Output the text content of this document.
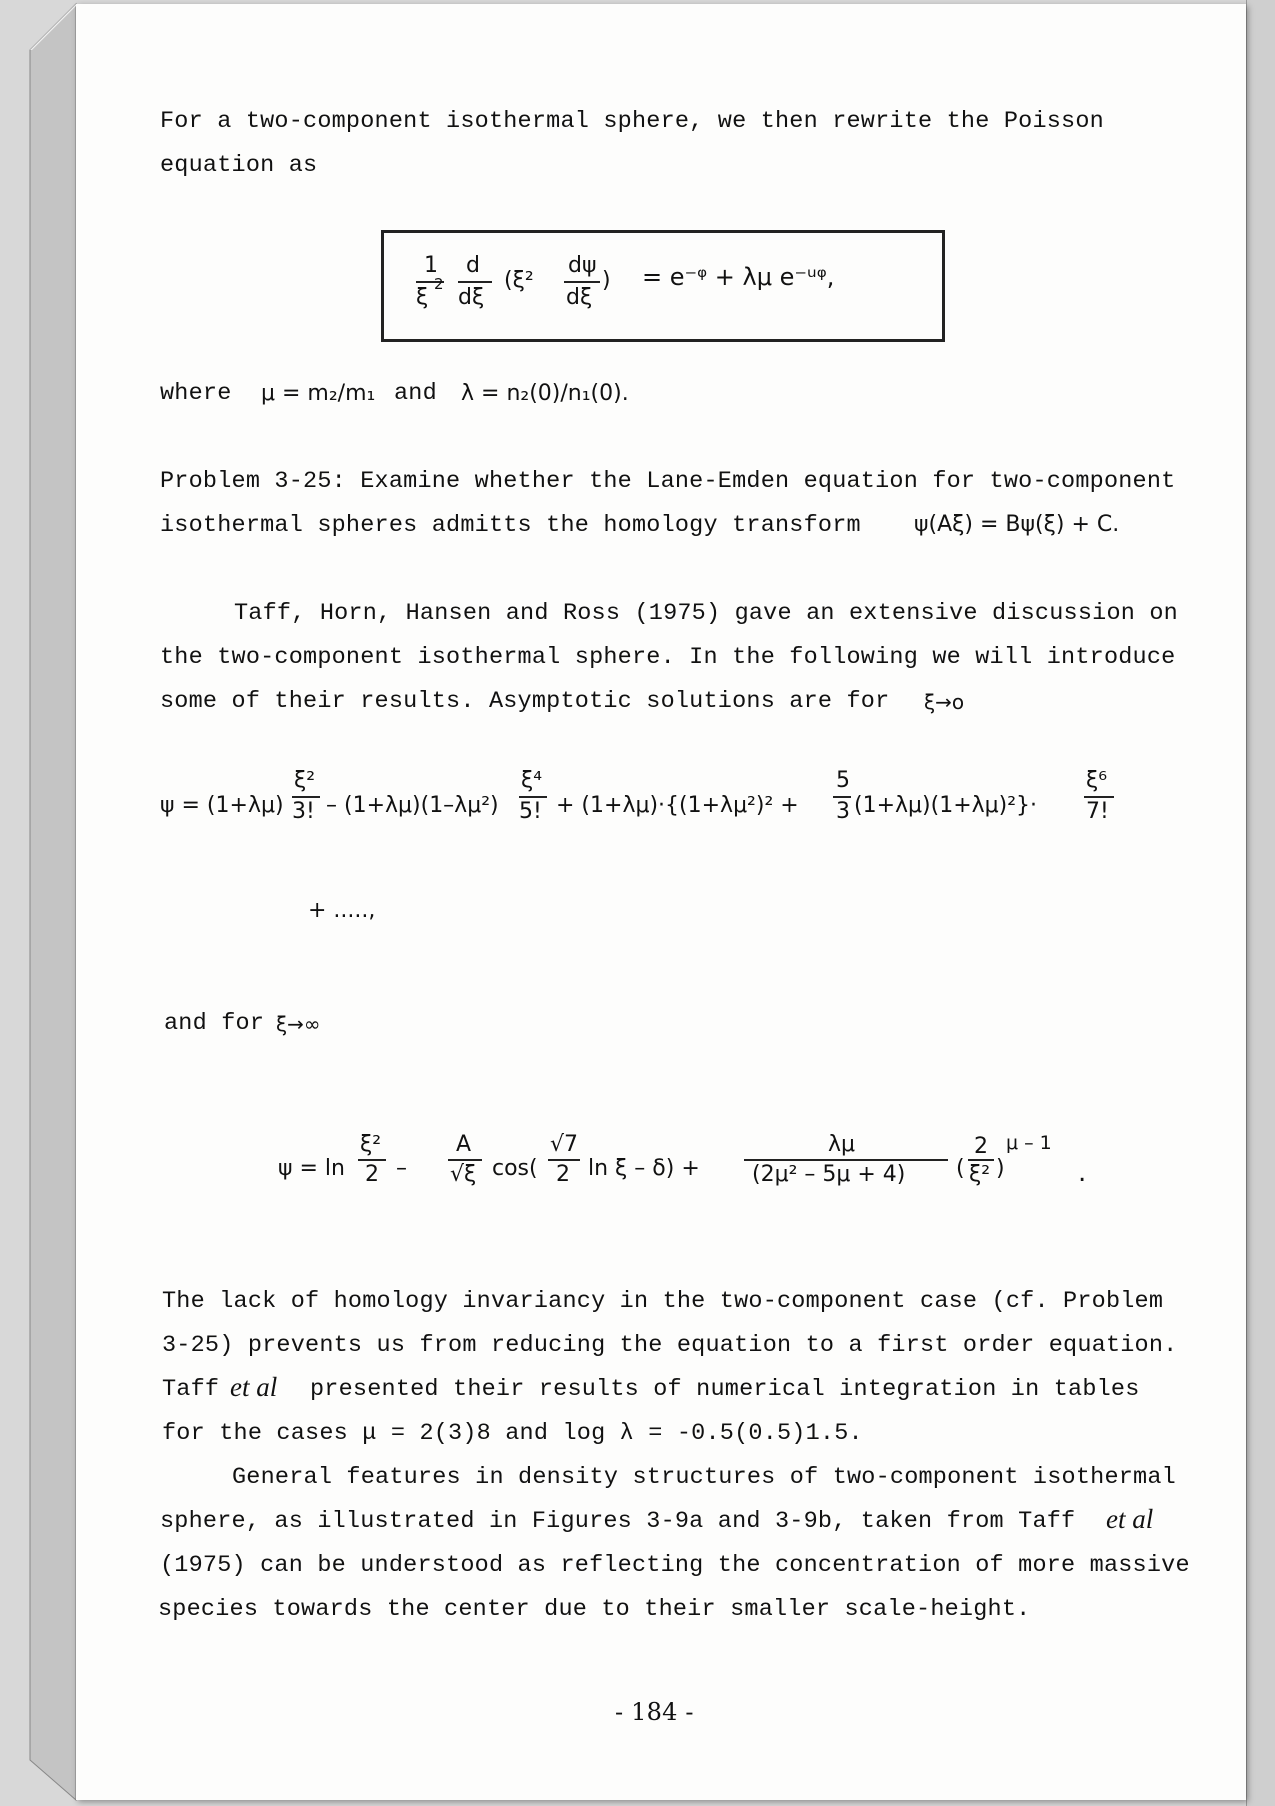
For a two-component isothermal sphere, we then rewrite the Poisson
equation as
1
ξ
2
d
dξ
(ξ²
dψ
dξ
) = e⁻ᵠ + λμ e⁻ᵘᵠ,
where μ = m₂/m₁ and λ = n₂(0)/n₁(0).
Problem 3-25: Examine whether the Lane-Emden equation for two-component
isothermal spheres admitts the homology transform ψ(Aξ) = Bψ(ξ) + C.
Taff, Horn, Hansen and Ross (1975) gave an extensive discussion on
the two-component isothermal sphere. In the following we will introduce
some of their results. Asymptotic solutions are for ξ→o
ψ = (1+λμ)
ξ²
3! – (1+λμ)(1–λμ²)
ξ⁴
5! + (1+λμ)·{(1+λμ²)² +
5
3 (1+λμ)(1+λμ)²}·
ξ⁶
7!
+ .....,
and for ξ→∞
ψ = ln
ξ²
2 –
A
√ξ cos(
√7
2 ln ξ – δ) +
λμ
(2μ² – 5μ + 4) (
2
ξ² )
μ – 1
.
The lack of homology invariancy in the two-component case (cf. Problem
3-25) prevents us from reducing the equation to a first order equation.
Taff et al presented their results of numerical integration in tables
for the cases μ = 2(3)8 and log λ = -0.5(0.5)1.5.
General features in density structures of two-component isothermal
sphere, as illustrated in Figures 3-9a and 3-9b, taken from Taff et al
(1975) can be understood as reflecting the concentration of more massive
species towards the center due to their smaller scale-height.
- 184 -
